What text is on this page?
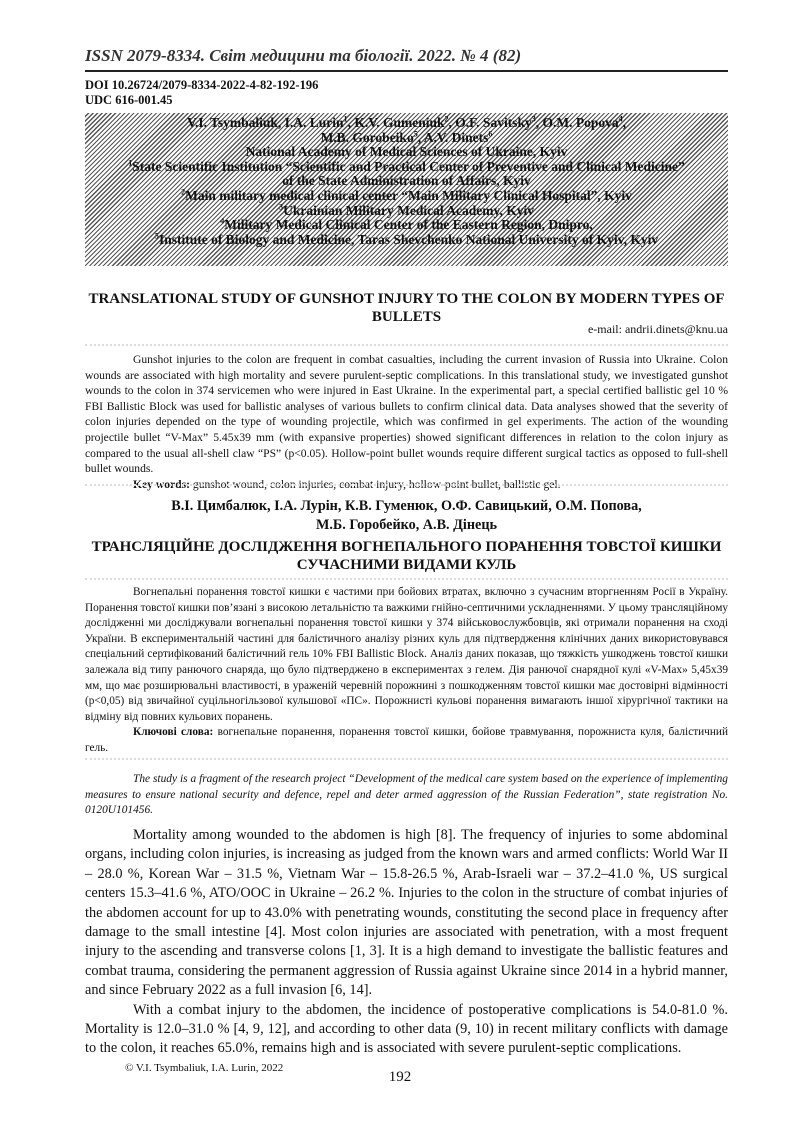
ISSN 2079-8334. Світ медицини та біології. 2022. № 4 (82)
DOI 10.26724/2079-8334-2022-4-82-192-196
UDC 616-001.45
V.I. Tsymbaliuk, I.A. Lurin$^1$, K.V. Gumeniuk$^2$, O.F. Savitsky$^3$, O.M. Popova$^4$,
M.B. Gorobeiko$^5$, A.V. Dinets$^6$
National Academy of Medical Sciences of Ukraine, Kyiv
$^1$State Scientific Institution “Scientific and Practical Center of Preventive and Clinical Medicine”
of the State Administration of Affairs, Kyiv
$^2$Main military medical clinical center “Main Military Clinical Hospital”, Kyiv
$^3$Ukrainian Military Medical Academy, Kyiv
$^4$Military Medical Clinical Center of the Eastern Region, Dnipro,
$^5$Institute of Biology and Medicine, Taras Shevchenko National University of Kyiv, Kyiv
TRANSLATIONAL STUDY OF GUNSHOT INJURY TO THE COLON BY MODERN TYPES OF BULLETS
e-mail: andrii.dinets@knu.ua

Gunshot injuries to the colon are frequent in combat casualties, including the current invasion of Russia into Ukraine. Colon wounds are associated with high mortality and severe purulent-septic complications. In this translational study, we investigated gunshot wounds to the colon in 374 servicemen who were injured in East Ukraine. In the experimental part, a special certified ballistic gel 10 % FBI Ballistic Block was used for ballistic analyses of various bullets to confirm clinical data. Data analyses showed that the severity of colon injuries depended on the type of wounding projectile, which was confirmed in gel experiments. The action of the wounding projectile bullet “V-Max” 5.45x39 mm (with expansive properties) showed significant differences in relation to the colon injury as compared to the usual all-shell claw “PS” (p<0.05). Hollow-point bullet wounds require different surgical tactics as opposed to full-shell bullet wounds.

Key words: gunshot wound, colon injuries, combat injury, hollow-point bullet, ballistic gel.

В.І. Цимбалюк, І.А. Лурін, К.В. Гуменюк, О.Ф. Савицький, О.М. Попова, М.Б. Горобейко, А.В. Дінець
ТРАНСЛЯЦІЙНЕ ДОСЛІДЖЕННЯ ВОГНЕПАЛЬНОГО ПОРАНЕННЯ ТОВСТОЇ КИШКИ СУЧАСНИМИ ВИДАМИ КУЛЬ

Вогнепальні поранення товстої кишки є частими при бойових втратах, включно з сучасним вторгненням Росії в Україну. Поранення товстої кишки пов’язані з високою летальністю та важкими гнійно-септичними ускладненнями. У цьому трансляційному дослідженні ми досліджували вогнепальні поранення товстої кишки у 374 військовослужбовців, які отримали поранення на сході України. В експериментальній частині для балістичного аналізу різних куль для підтвердження клінічних даних використовувався спеціальний сертифікований балістичний гель 10% FBI Ballistic Block. Аналіз даних показав, що тяжкість ушкоджень товстої кишки залежала від типу ранючого снаряда, що було підтверджено в експериментах з гелем. Дія ранючої снарядної кулі «V-Max» 5,45х39 мм, що має розширювальні властивості, в ураженій черевній порожнині з пошкодженням товстої кишки має достовірні відмінності (р<0,05) від звичайної суцільногільзової кульшової «ПС». Порожнисті кульові поранення вимагають іншої хірургічної тактики на відміну від повних кульових поранень.

Ключові слова: вогнепальне поранення, поранення товстої кишки, бойове травмування, порожниста куля, балістичний гель.

The study is a fragment of the research project “Development of the medical care system based on the experience of implementing measures to ensure national security and defence, repel and deter armed aggression of the Russian Federation”, state registration No. 0120U101456.

Mortality among wounded to the abdomen is high [8]. The frequency of injuries to some abdominal organs, including colon injuries, is increasing as judged from the known wars and armed conflicts: World War II – 28.0 %, Korean War – 31.5 %, Vietnam War – 15.8-26.5 %, Arab-Israeli war – 37.2–41.0 %, US surgical centers 15.3–41.6 %, ATO/OOC in Ukraine – 26.2 %. Injuries to the colon in the structure of combat injuries of the abdomen account for up to 43.0% with penetrating wounds, constituting the second place in frequency after damage to the small intestine [4]. Most colon injuries are associated with penetration, with a most frequent injury to the ascending and transverse colons [1, 3]. It is a high demand to investigate the ballistic features and combat trauma, considering the permanent aggression of Russia against Ukraine since 2014 in a hybrid manner, and since February 2022 as a full invasion [6, 14].

With a combat injury to the abdomen, the incidence of postoperative complications is 54.0-81.0 %. Mortality is 12.0–31.0 % [4, 9, 12], and according to other data (9, 10) in recent military conflicts with damage to the colon, it reaches 65.0%, remains high and is associated with severe purulent-septic complications.

© V.I. Tsymbaliuk, I.A. Lurin, 2022
192
